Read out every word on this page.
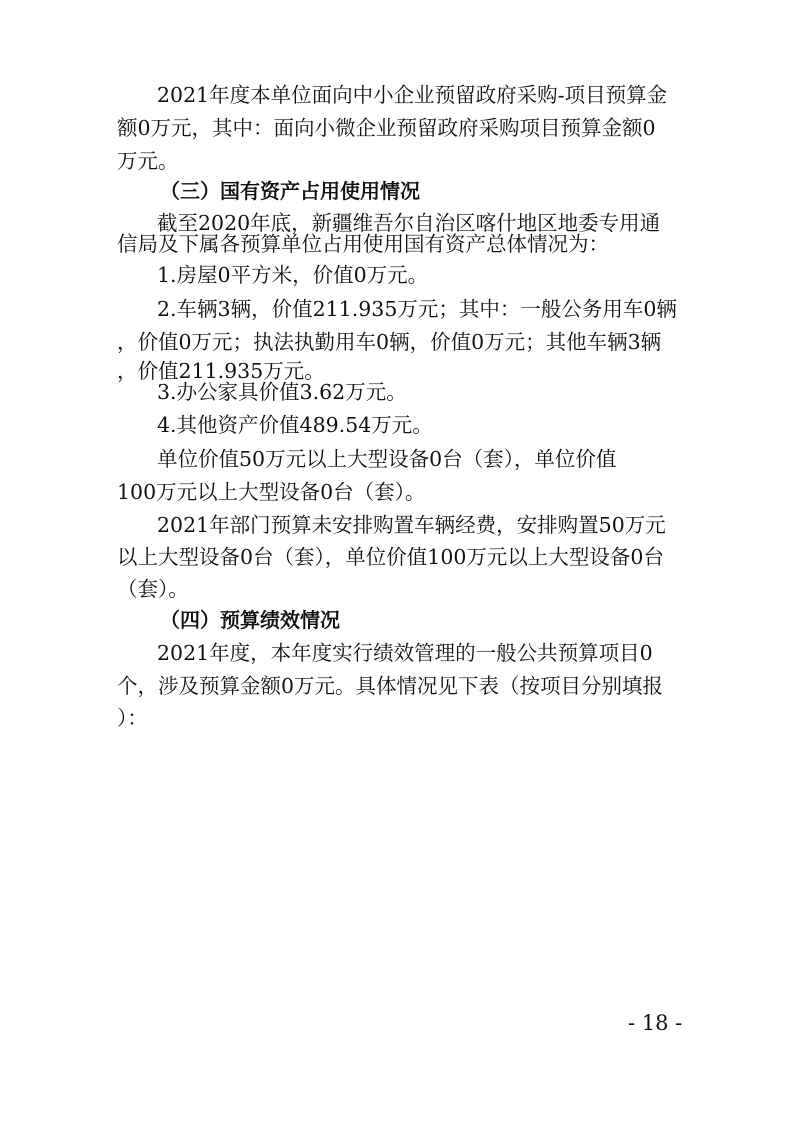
2021年度本单位面向中小企业预留政府采购-项目预算金
额0万元，其中：面向小微企业预留政府采购项目预算金额0
万元。
（三）国有资产占用使用情况
截至2020年底，新疆维吾尔自治区喀什地区地委专用通
信局及下属各预算单位占用使用国有资产总体情况为：
1.房屋0平方米，价值0万元。
2.车辆3辆，价值211.935万元；其中：一般公务用车0辆
，价值0万元；执法执勤用车0辆，价值0万元；其他车辆3辆
，价值211.935万元。
3.办公家具价值3.62万元。
4.其他资产价值489.54万元。
单位价值50万元以上大型设备0台（套），单位价值
100万元以上大型设备0台（套）。
2021年部门预算未安排购置车辆经费，安排购置50万元
以上大型设备0台（套），单位价值100万元以上大型设备0台
（套）。
（四）预算绩效情况
2021年度，本年度实行绩效管理的一般公共预算项目0
个，涉及预算金额0万元。具体情况见下表（按项目分别填报
）：
- 18 -
